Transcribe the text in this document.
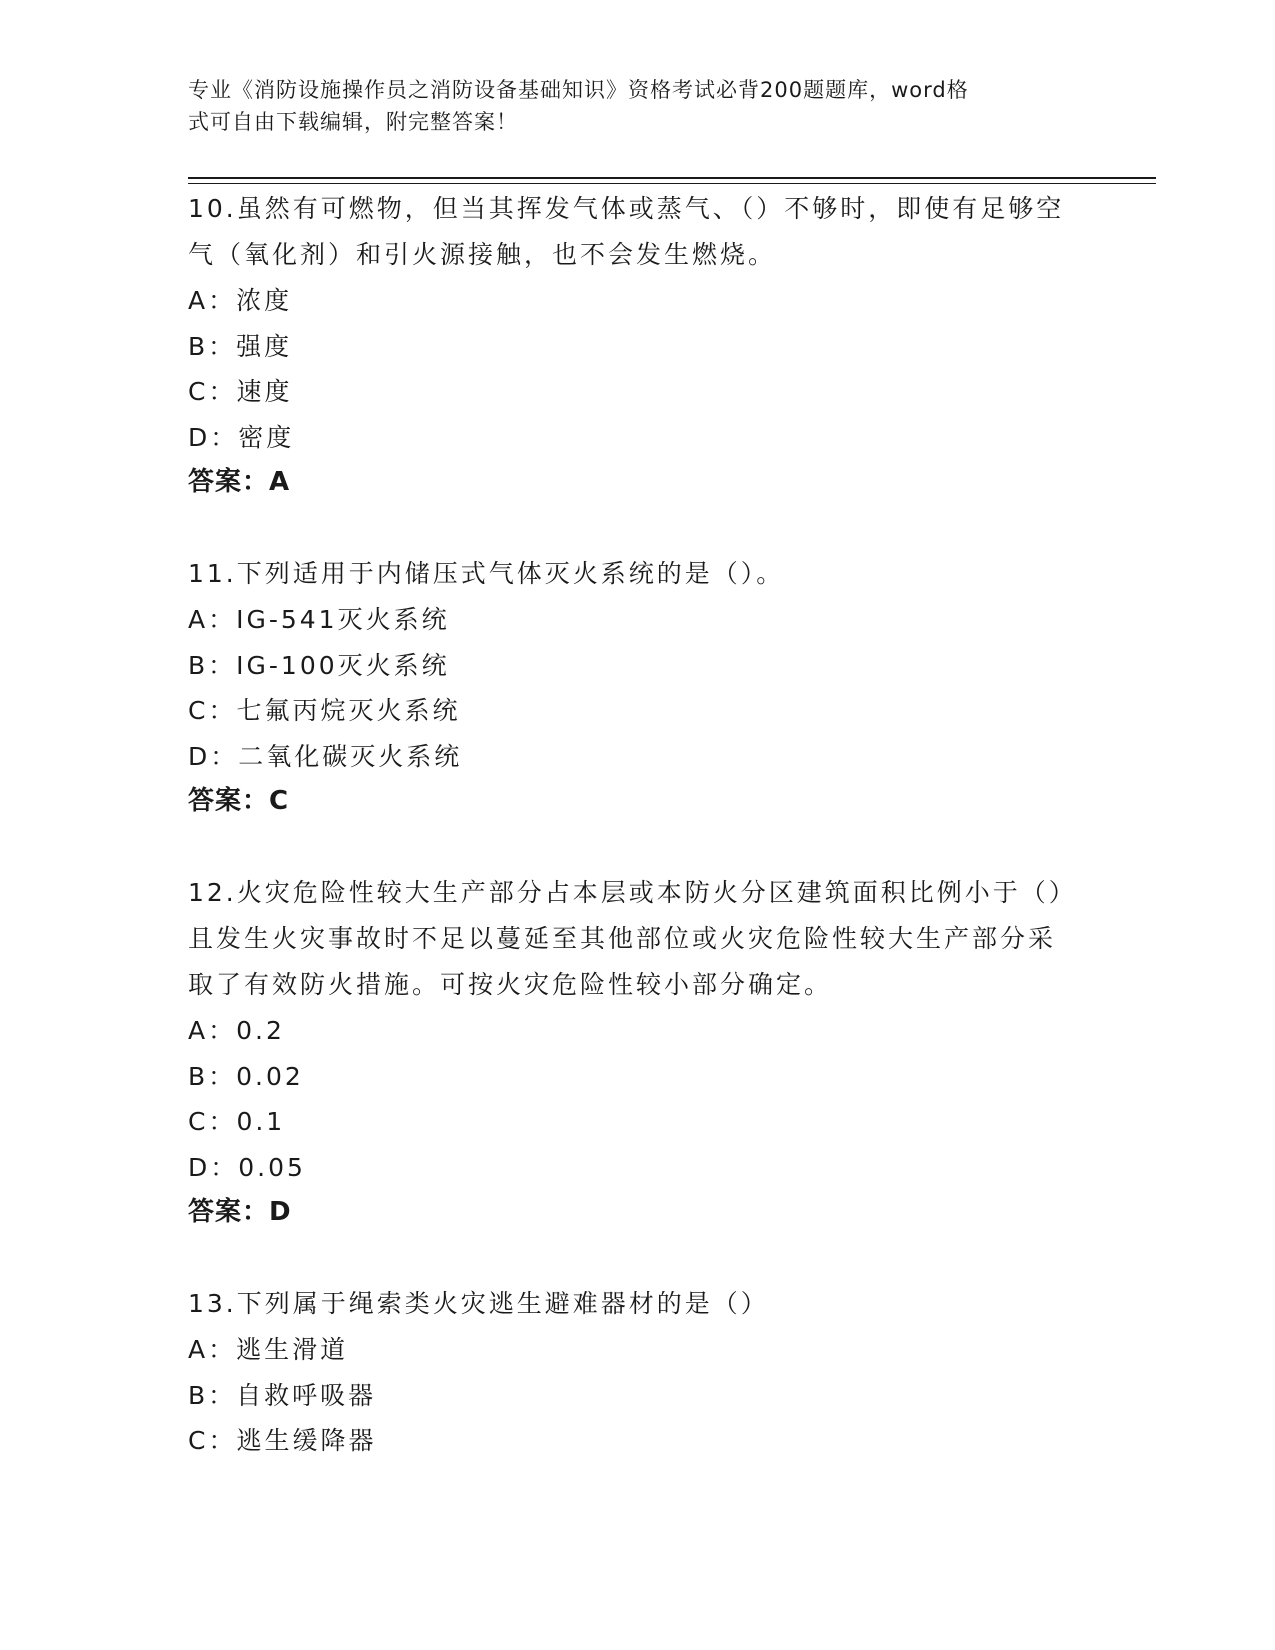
专业《消防设施操作员之消防设备基础知识》资格考试必背200题题库，word格
式可自由下载编辑，附完整答案！
10.虽然有可燃物，但当其挥发气体或蒸气、（）不够时，即使有足够空气（氧化剂）和引火源接触，也不会发生燃烧。
A：浓度
B：强度
C：速度
D：密度
答案：A
11.下列适用于内储压式气体灭火系统的是（）。
A：IG-541灭火系统
B：IG-100灭火系统
C：七氟丙烷灭火系统
D：二氧化碳灭火系统
答案：C
12.火灾危险性较大生产部分占本层或本防火分区建筑面积比例小于（）且发生火灾事故时不足以蔓延至其他部位或火灾危险性较大生产部分采取了有效防火措施。可按火灾危险性较小部分确定。
A：0.2
B：0.02
C：0.1
D：0.05
答案：D
13.下列属于绳索类火灾逃生避难器材的是（）
A：逃生滑道
B：自救呼吸器
C：逃生缓降器
